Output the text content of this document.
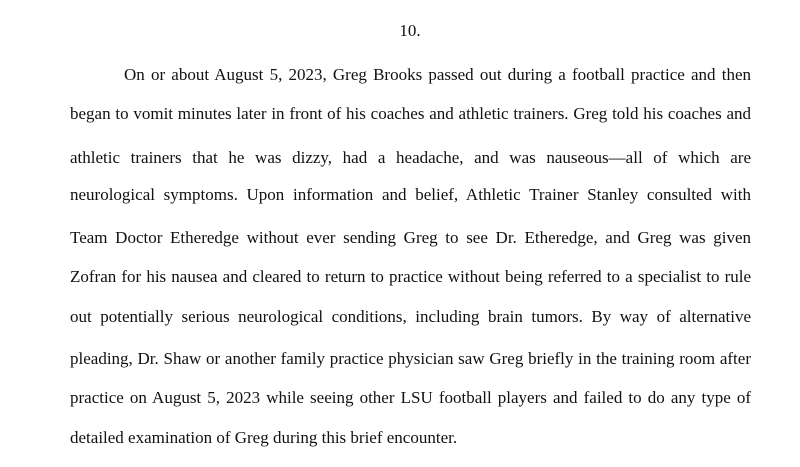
10.
On or about August 5, 2023, Greg Brooks passed out during a football practice and then
began to vomit minutes later in front of his coaches and athletic trainers. Greg told his coaches and
athletic trainers that he was dizzy, had a headache, and was nauseous—all of which are
neurological symptoms. Upon information and belief, Athletic Trainer Stanley consulted with
Team Doctor Etheredge without ever sending Greg to see Dr. Etheredge, and Greg was given
Zofran for his nausea and cleared to return to practice without being referred to a specialist to rule
out potentially serious neurological conditions, including brain tumors. By way of alternative
pleading, Dr. Shaw or another family practice physician saw Greg briefly in the training room after
practice on August 5, 2023 while seeing other LSU football players and failed to do any type of
detailed examination of Greg during this brief encounter.
